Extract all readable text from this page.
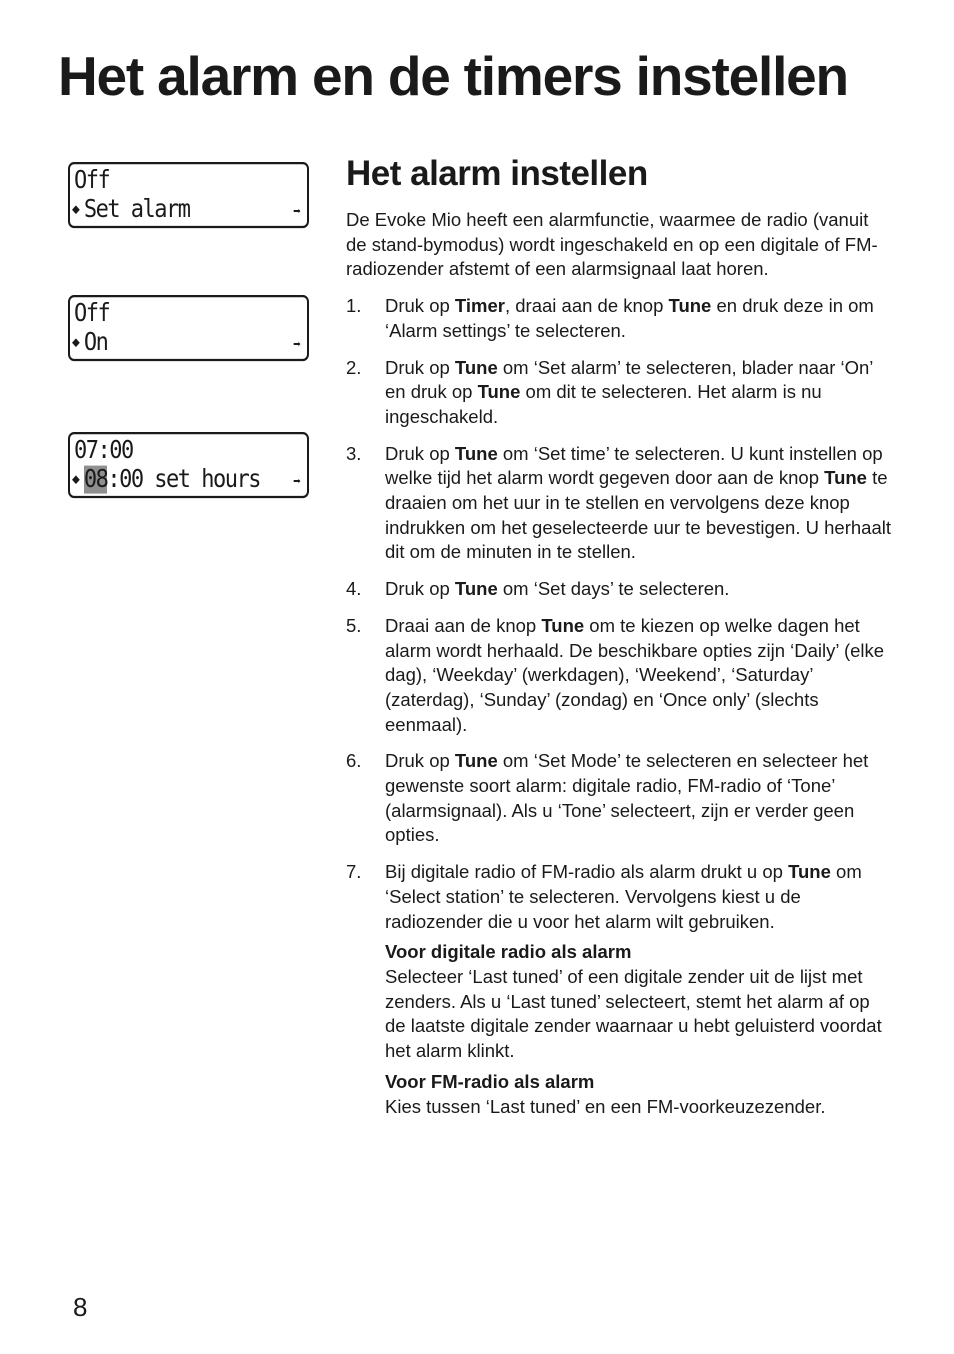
Het alarm en de timers instellen
Off
◆ Set alarm	➡
Off
◆ On	➡
07:00
◆ 08 :00 set hours	➡
Het alarm instellen

De Evoke Mio heeft een alarmfunctie, waarmee de radio (vanuit de stand-bymodus) wordt ingeschakeld en op een digitale of FM-radiozender afstemt of een alarmsignaal laat horen.

1. Druk op Timer, draai aan de knop Tune en druk deze in om ‘Alarm settings’ te selecteren.
2. Druk op Tune om ‘Set alarm’ te selecteren, blader naar ‘On’ en druk op Tune om dit te selecteren. Het alarm is nu ingeschakeld.
3. Druk op Tune om ‘Set time’ te selecteren. U kunt instellen op welke tijd het alarm wordt gegeven door aan de knop Tune te draaien om het uur in te stellen en vervolgens deze knop indrukken om het geselecteerde uur te bevestigen. U herhaalt dit om de minuten in te stellen.
4. Druk op Tune om ‘Set days’ te selecteren.
5. Draai aan de knop Tune om te kiezen op welke dagen het alarm wordt herhaald. De beschikbare opties zijn ‘Daily’ (elke dag), ‘Weekday’ (werkdagen), ‘Weekend’, ‘Saturday’ (zaterdag), ‘Sunday’ (zondag) en ‘Once only’ (slechts eenmaal).
6. Druk op Tune om ‘Set Mode’ te selecteren en selecteer het gewenste soort alarm: digitale radio, FM-radio of ‘Tone’ (alarmsignaal). Als u ‘Tone’ selecteert, zijn er verder geen opties.
7. Bij digitale radio of FM-radio als alarm drukt u op Tune om ‘Select station’ te selecteren. Vervolgens kiest u de radiozender die u voor het alarm wilt gebruiken.
Voor digitale radio als alarm
Selecteer ‘Last tuned’ of een digitale zender uit de lijst met zenders. Als u ‘Last tuned’ selecteert, stemt het alarm af op de laatste digitale zender waarnaar u hebt geluisterd voordat het alarm klinkt.
Voor FM-radio als alarm
Kies tussen ‘Last tuned’ en een FM-voorkeuzezender.
8
